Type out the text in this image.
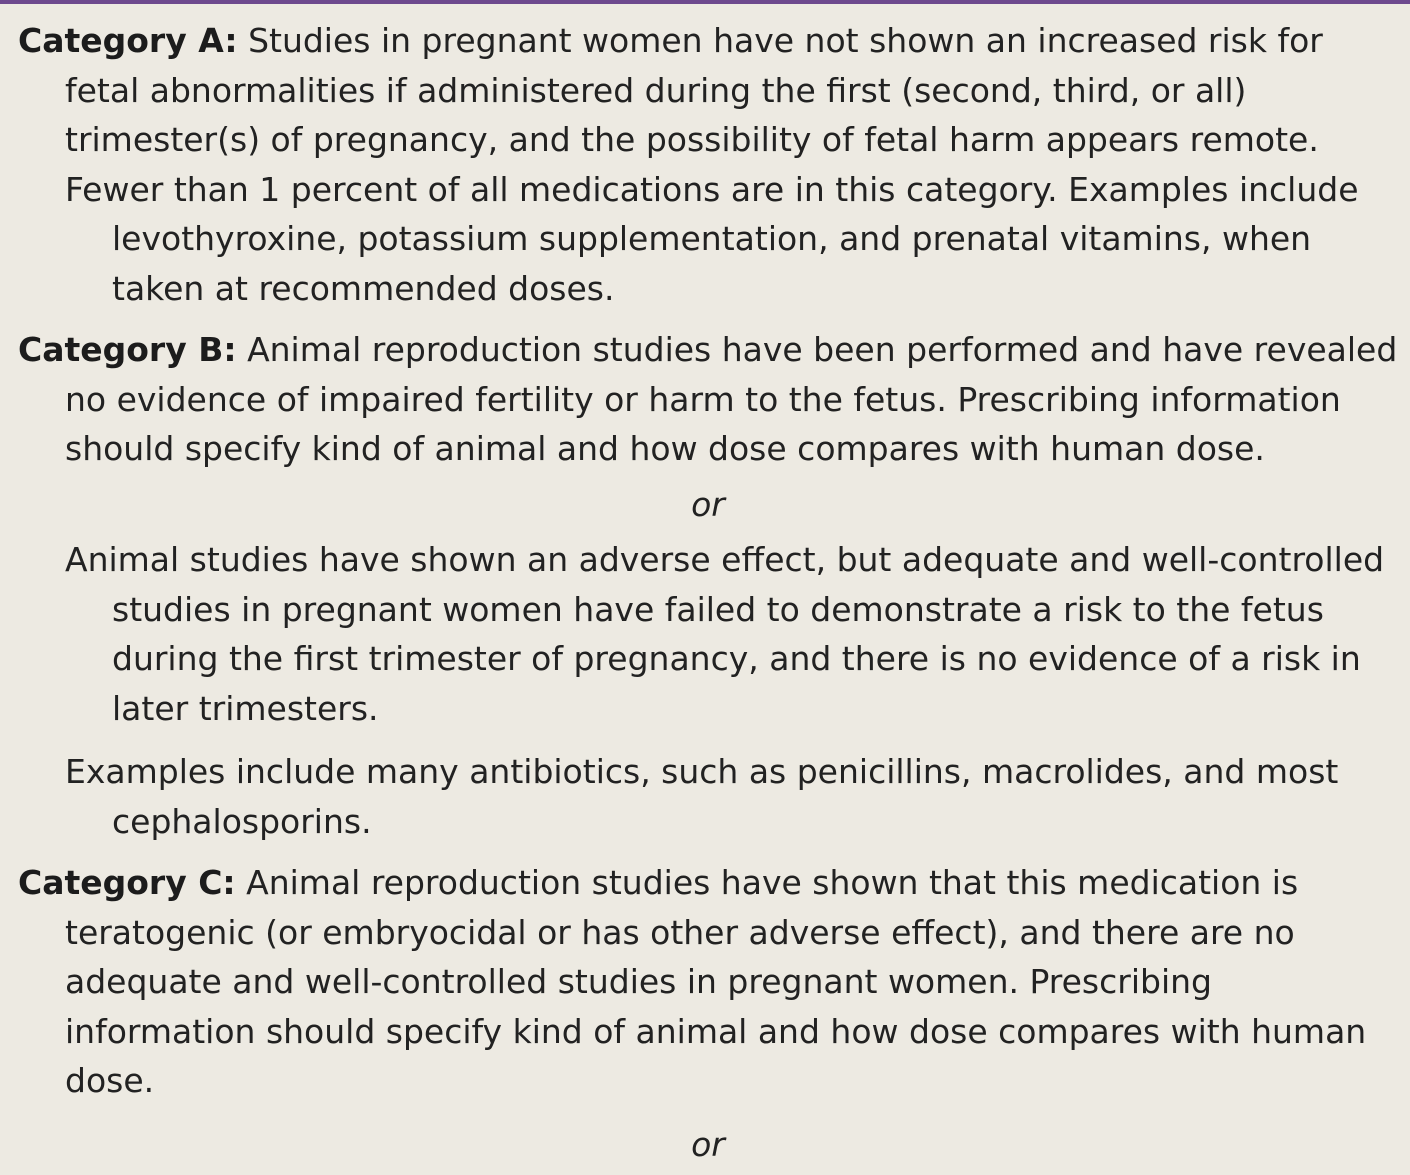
Category A: Studies in pregnant women have not shown an increased risk for fetal abnormalities if administered during the first (second, third, or all) trimester(s) of pregnancy, and the possibility of fetal harm appears remote.

Fewer than 1 percent of all medications are in this category. Examples include levothyroxine, potassium supplementation, and prenatal vitamins, when taken at recommended doses.

Category B: Animal reproduction studies have been performed and have revealed no evidence of impaired fertility or harm to the fetus. Prescribing information should specify kind of animal and how dose compares with human dose.

or

Animal studies have shown an adverse effect, but adequate and well-controlled studies in pregnant women have failed to demonstrate a risk to the fetus during the first trimester of pregnancy, and there is no evidence of a risk in later trimesters.

Examples include many antibiotics, such as penicillins, macrolides, and most cephalosporins.

Category C: Animal reproduction studies have shown that this medication is teratogenic (or embryocidal or has other adverse effect), and there are no adequate and well-controlled studies in pregnant women. Prescribing information should specify kind of animal and how dose compares with human dose.

or
